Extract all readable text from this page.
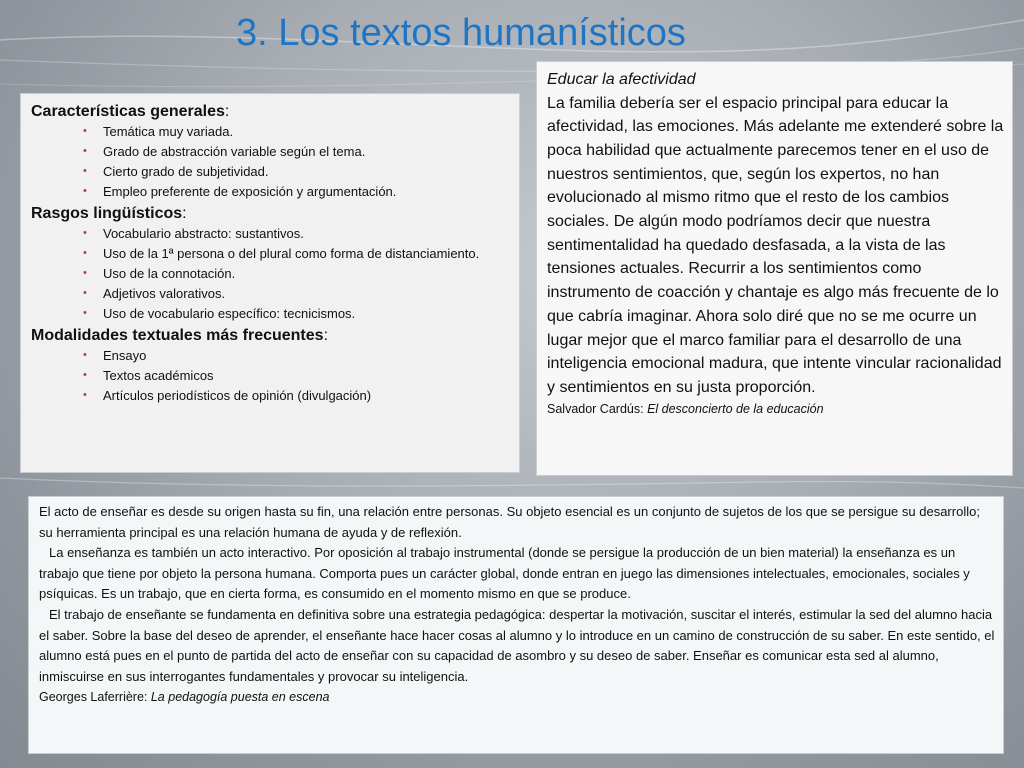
3. Los textos humanísticos
Características generales:
• Temática muy variada.
• Grado de abstracción variable según el tema.
• Cierto grado de subjetividad.
• Empleo preferente de exposición y argumentación.
Rasgos lingüísticos:
• Vocabulario abstracto: sustantivos.
• Uso de la 1ª persona o del plural como forma de distanciamiento.
• Uso de la connotación.
• Adjetivos valorativos.
• Uso de vocabulario específico: tecnicismos.
Modalidades textuales más frecuentes:
• Ensayo
• Textos académicos
• Artículos periodísticos de opinión (divulgación)
Educar la afectividad
La familia debería ser el espacio principal para educar la afectividad, las emociones. Más adelante me extenderé sobre la poca habilidad que actualmente parecemos tener en el uso de nuestros sentimientos, que, según los expertos, no han evolucionado al mismo ritmo que el resto de los cambios sociales. De algún modo podríamos decir que nuestra sentimentalidad ha quedado desfasada, a la vista de las tensiones actuales. Recurrir a los sentimientos como instrumento de coacción y chantaje es algo más frecuente de lo que cabría imaginar. Ahora solo diré que no se me ocurre un lugar mejor que el marco familiar para el desarrollo de una inteligencia emocional madura, que intente vincular racionalidad y sentimientos en su justa proporción.
Salvador Cardús: El desconcierto de la educación

El acto de enseñar es desde su origen hasta su fin, una relación entre personas. Su objeto esencial es un conjunto de sujetos de los que se persigue su desarrollo; su herramienta principal es una relación humana de ayuda y de reflexión.

La enseñanza es también un acto interactivo. Por oposición al trabajo instrumental (donde se persigue la producción de un bien material) la enseñanza es un trabajo que tiene por objeto la persona humana. Comporta pues un carácter global, donde entran en juego las dimensiones intelectuales, emocionales, sociales y psíquicas. Es un trabajo, que en cierta forma, es consumido en el momento mismo en que se produce.

El trabajo de enseñante se fundamenta en definitiva sobre una estrategia pedagógica: despertar la motivación, suscitar el interés, estimular la sed del alumno hacia el saber. Sobre la base del deseo de aprender, el enseñante hace hacer cosas al alumno y lo introduce en un camino de construcción de su saber. En este sentido, el alumno está pues en el punto de partida del acto de enseñar con su capacidad de asombro y su deseo de saber. Enseñar es comunicar esta sed al alumno, inmiscuirse en sus interrogantes fundamentales y provocar su inteligencia.

Georges Laferrière: La pedagogía puesta en escena
